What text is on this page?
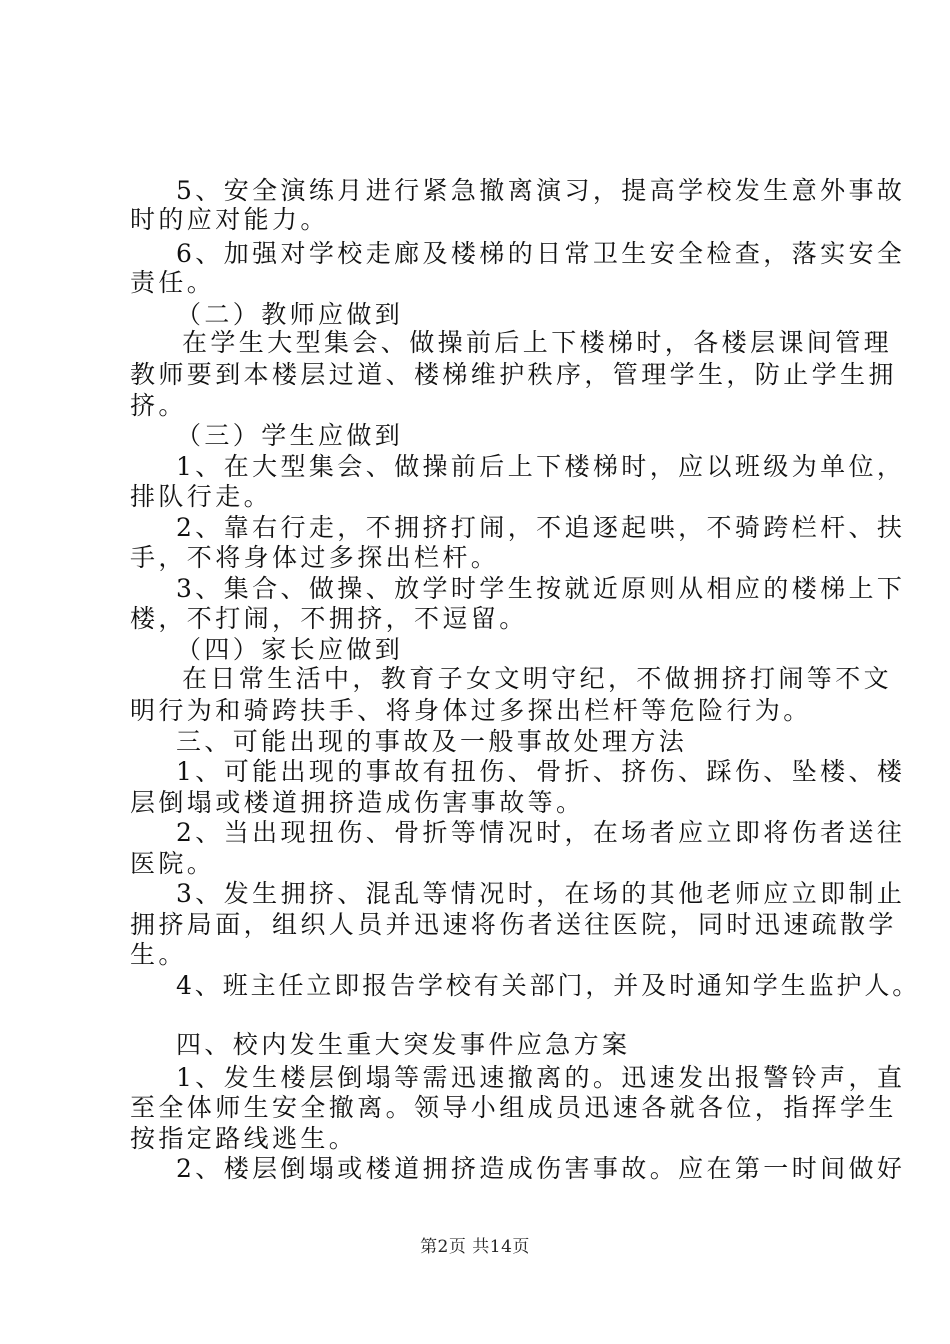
5、安全演练月进行紧急撤离演习，提高学校发生意外事故
时的应对能力。
6、加强对学校走廊及楼梯的日常卫生安全检查，落实安全
责任。
（二）教师应做到
在学生大型集会、做操前后上下楼梯时，各楼层课间管理
教师要到本楼层过道、楼梯维护秩序，管理学生，防止学生拥
挤。
（三）学生应做到
1、在大型集会、做操前后上下楼梯时，应以班级为单位，
排队行走。
2、靠右行走，不拥挤打闹，不追逐起哄，不骑跨栏杆、扶
手，不将身体过多探出栏杆。
3、集合、做操、放学时学生按就近原则从相应的楼梯上下
楼，不打闹，不拥挤，不逗留。
（四）家长应做到
在日常生活中，教育子女文明守纪，不做拥挤打闹等不文
明行为和骑跨扶手、将身体过多探出栏杆等危险行为。
三、可能出现的事故及一般事故处理方法
1、可能出现的事故有扭伤、骨折、挤伤、踩伤、坠楼、楼
层倒塌或楼道拥挤造成伤害事故等。
2、当出现扭伤、骨折等情况时，在场者应立即将伤者送往
医院。
3、发生拥挤、混乱等情况时，在场的其他老师应立即制止
拥挤局面，组织人员并迅速将伤者送往医院，同时迅速疏散学
生。
4、班主任立即报告学校有关部门，并及时通知学生监护人。
四、校内发生重大突发事件应急方案
1、发生楼层倒塌等需迅速撤离的。迅速发出报警铃声，直
至全体师生安全撤离。领导小组成员迅速各就各位，指挥学生
按指定路线逃生。
2、楼层倒塌或楼道拥挤造成伤害事故。应在第一时间做好
第2页 共14页
